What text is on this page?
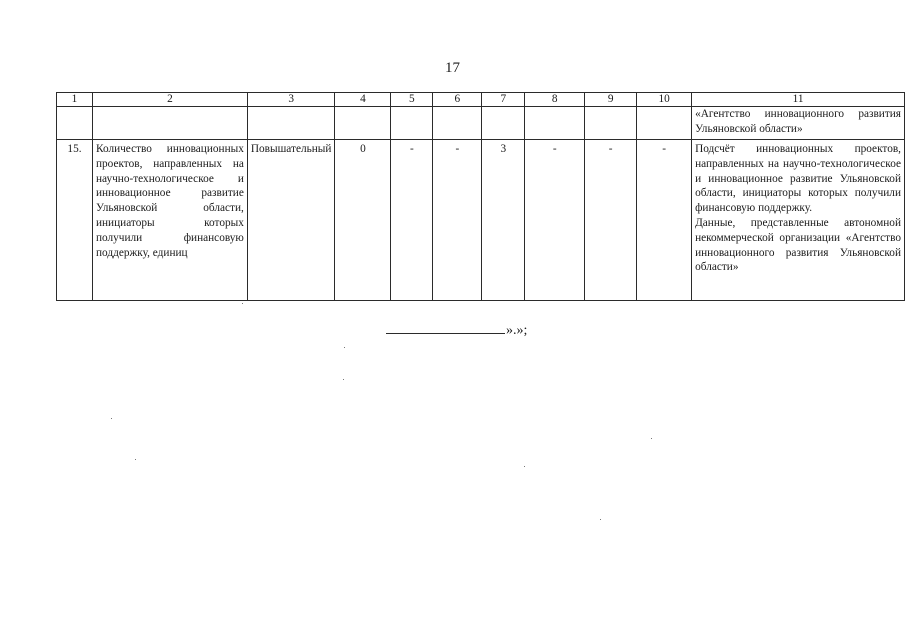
17
1	2	3	4	5	6	7	8	9	10	11
										«Агентство инновационного развития Ульяновской области»
15.	Количество инновационных проектов, направленных на научно-технологическое и инновационное развитие Ульяновской области, инициаторы которых получили финансовую поддержку, единиц	Повышательный	0	-	-	3	-	-	-	Подсчёт инновационных проектов, направленных на научно-технологическое и инновационное развитие Ульяновской области, инициаторы которых получили финансовую поддержку.
Данные, представленные автономной некоммерческой организации «Агентство инновационного развития Ульяновской области»
».»;
